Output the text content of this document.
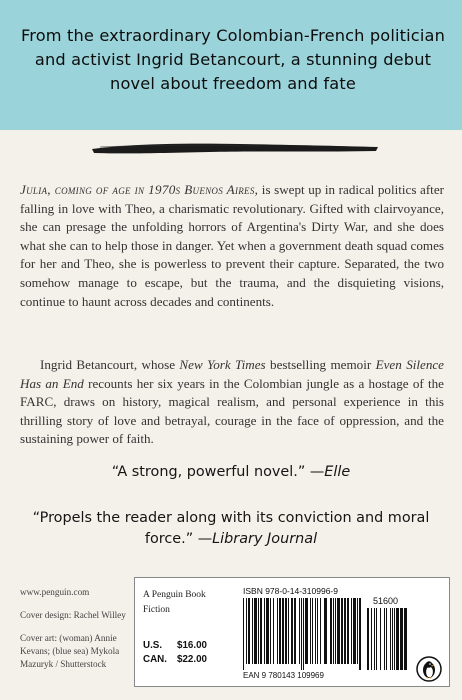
From the extraordinary Colombian-French politician and activist Ingrid Betancourt, a stunning debut novel about freedom and fate

Julia, coming of age in 1970s Buenos Aires, is swept up in radical politics after falling in love with Theo, a charismatic revolutionary. Gifted with clairvoyance, she can presage the unfolding horrors of Argentina's Dirty War, and she does what she can to help those in danger. Yet when a government death squad comes for her and Theo, she is powerless to prevent their capture. Separated, the two somehow manage to escape, but the trauma, and the disquieting visions, continue to haunt across decades and continents.

Ingrid Betancourt, whose New York Times bestselling memoir Even Silence Has an End recounts her six years in the Colombian jungle as a hostage of the FARC, draws on history, magical realism, and personal experience in this thrilling story of love and betrayal, courage in the face of oppression, and the sustaining power of faith.

“A strong, powerful novel.” —Elle

“Propels the reader along with its conviction and moral force.” —Library Journal

www.penguin.com
Cover design: Rachel Willey
Cover art: (woman) Annie Kevans; (blue sea) Mykola Mazuryk / Shutterstock
A Penguin Book
Fiction
U.S. $16.00
CAN. $22.00
ISBN 978-0-14-310996-9
51600
EAN 9 780143 109969
